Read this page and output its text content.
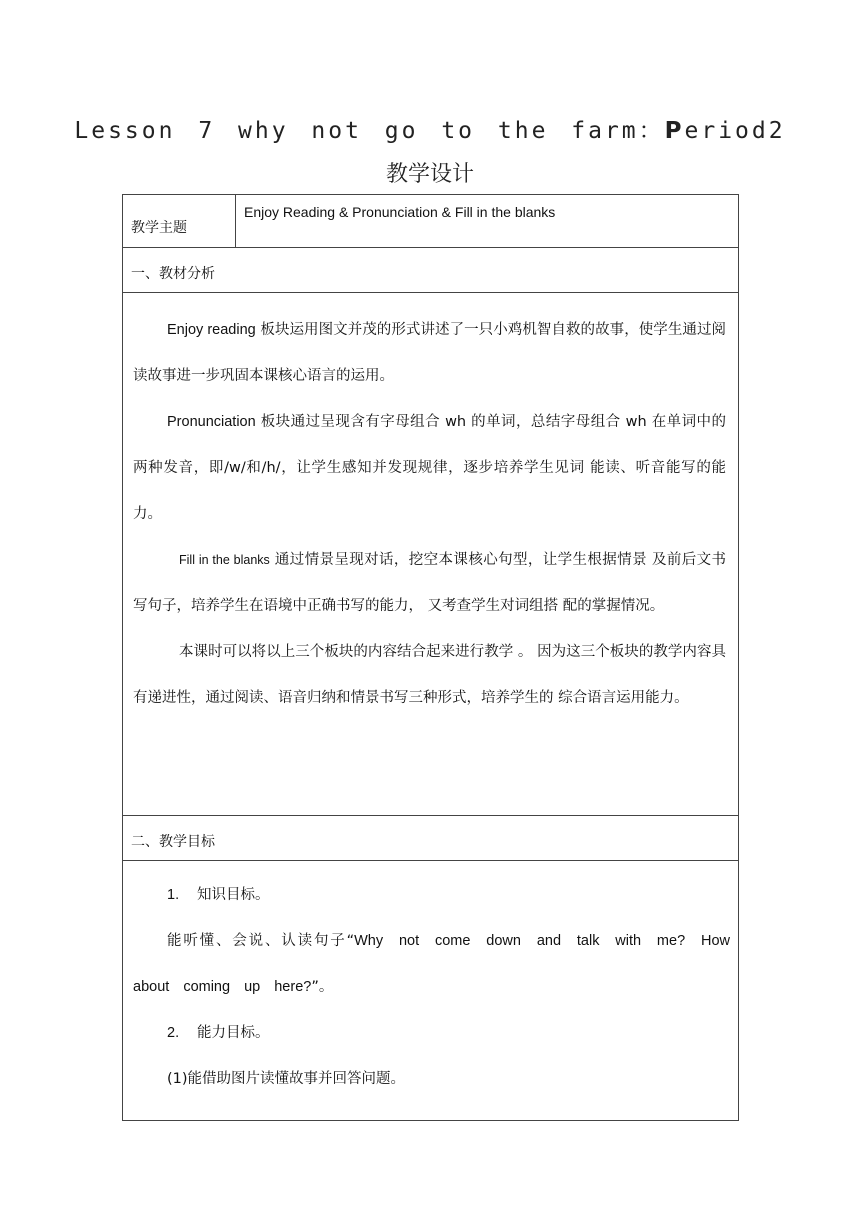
Lesson 7 why not go to the farm：Period2
教学设计
教学主题

Enjoy Reading & Pronunciation & Fill in the blanks

一、教材分析

Enjoy reading 板块运用图文并茂的形式讲述了一只小鸡机智自救的故事，使学生通过阅读故事进一步巩固本课核心语言的运用。

Pronunciation 板块通过呈现含有字母组合 wh 的单词，总结字母组合 wh 在单词中的两种发音，即/w/和/h/，让学生感知并发现规律，逐步培养学生见词 能读、听音能写的能力。

Fill in the blanks 通过情景呈现对话，挖空本课核心句型，让学生根据情景 及前后文书写句子，培养学生在语境中正确书写的能力， 又考查学生对词组搭 配的掌握情况。

本课时可以将以上三个板块的内容结合起来进行教学 。 因为这三个板块的教学内容具有递进性，通过阅读、语音归纳和情景书写三种形式，培养学生的 综合语言运用能力。

二、教学目标

1. 知识目标。

能听懂、会说、认读句子“Why not come down and talk with me? How about coming up here?”。

2. 能力目标。

(1)能借助图片读懂故事并回答问题。
